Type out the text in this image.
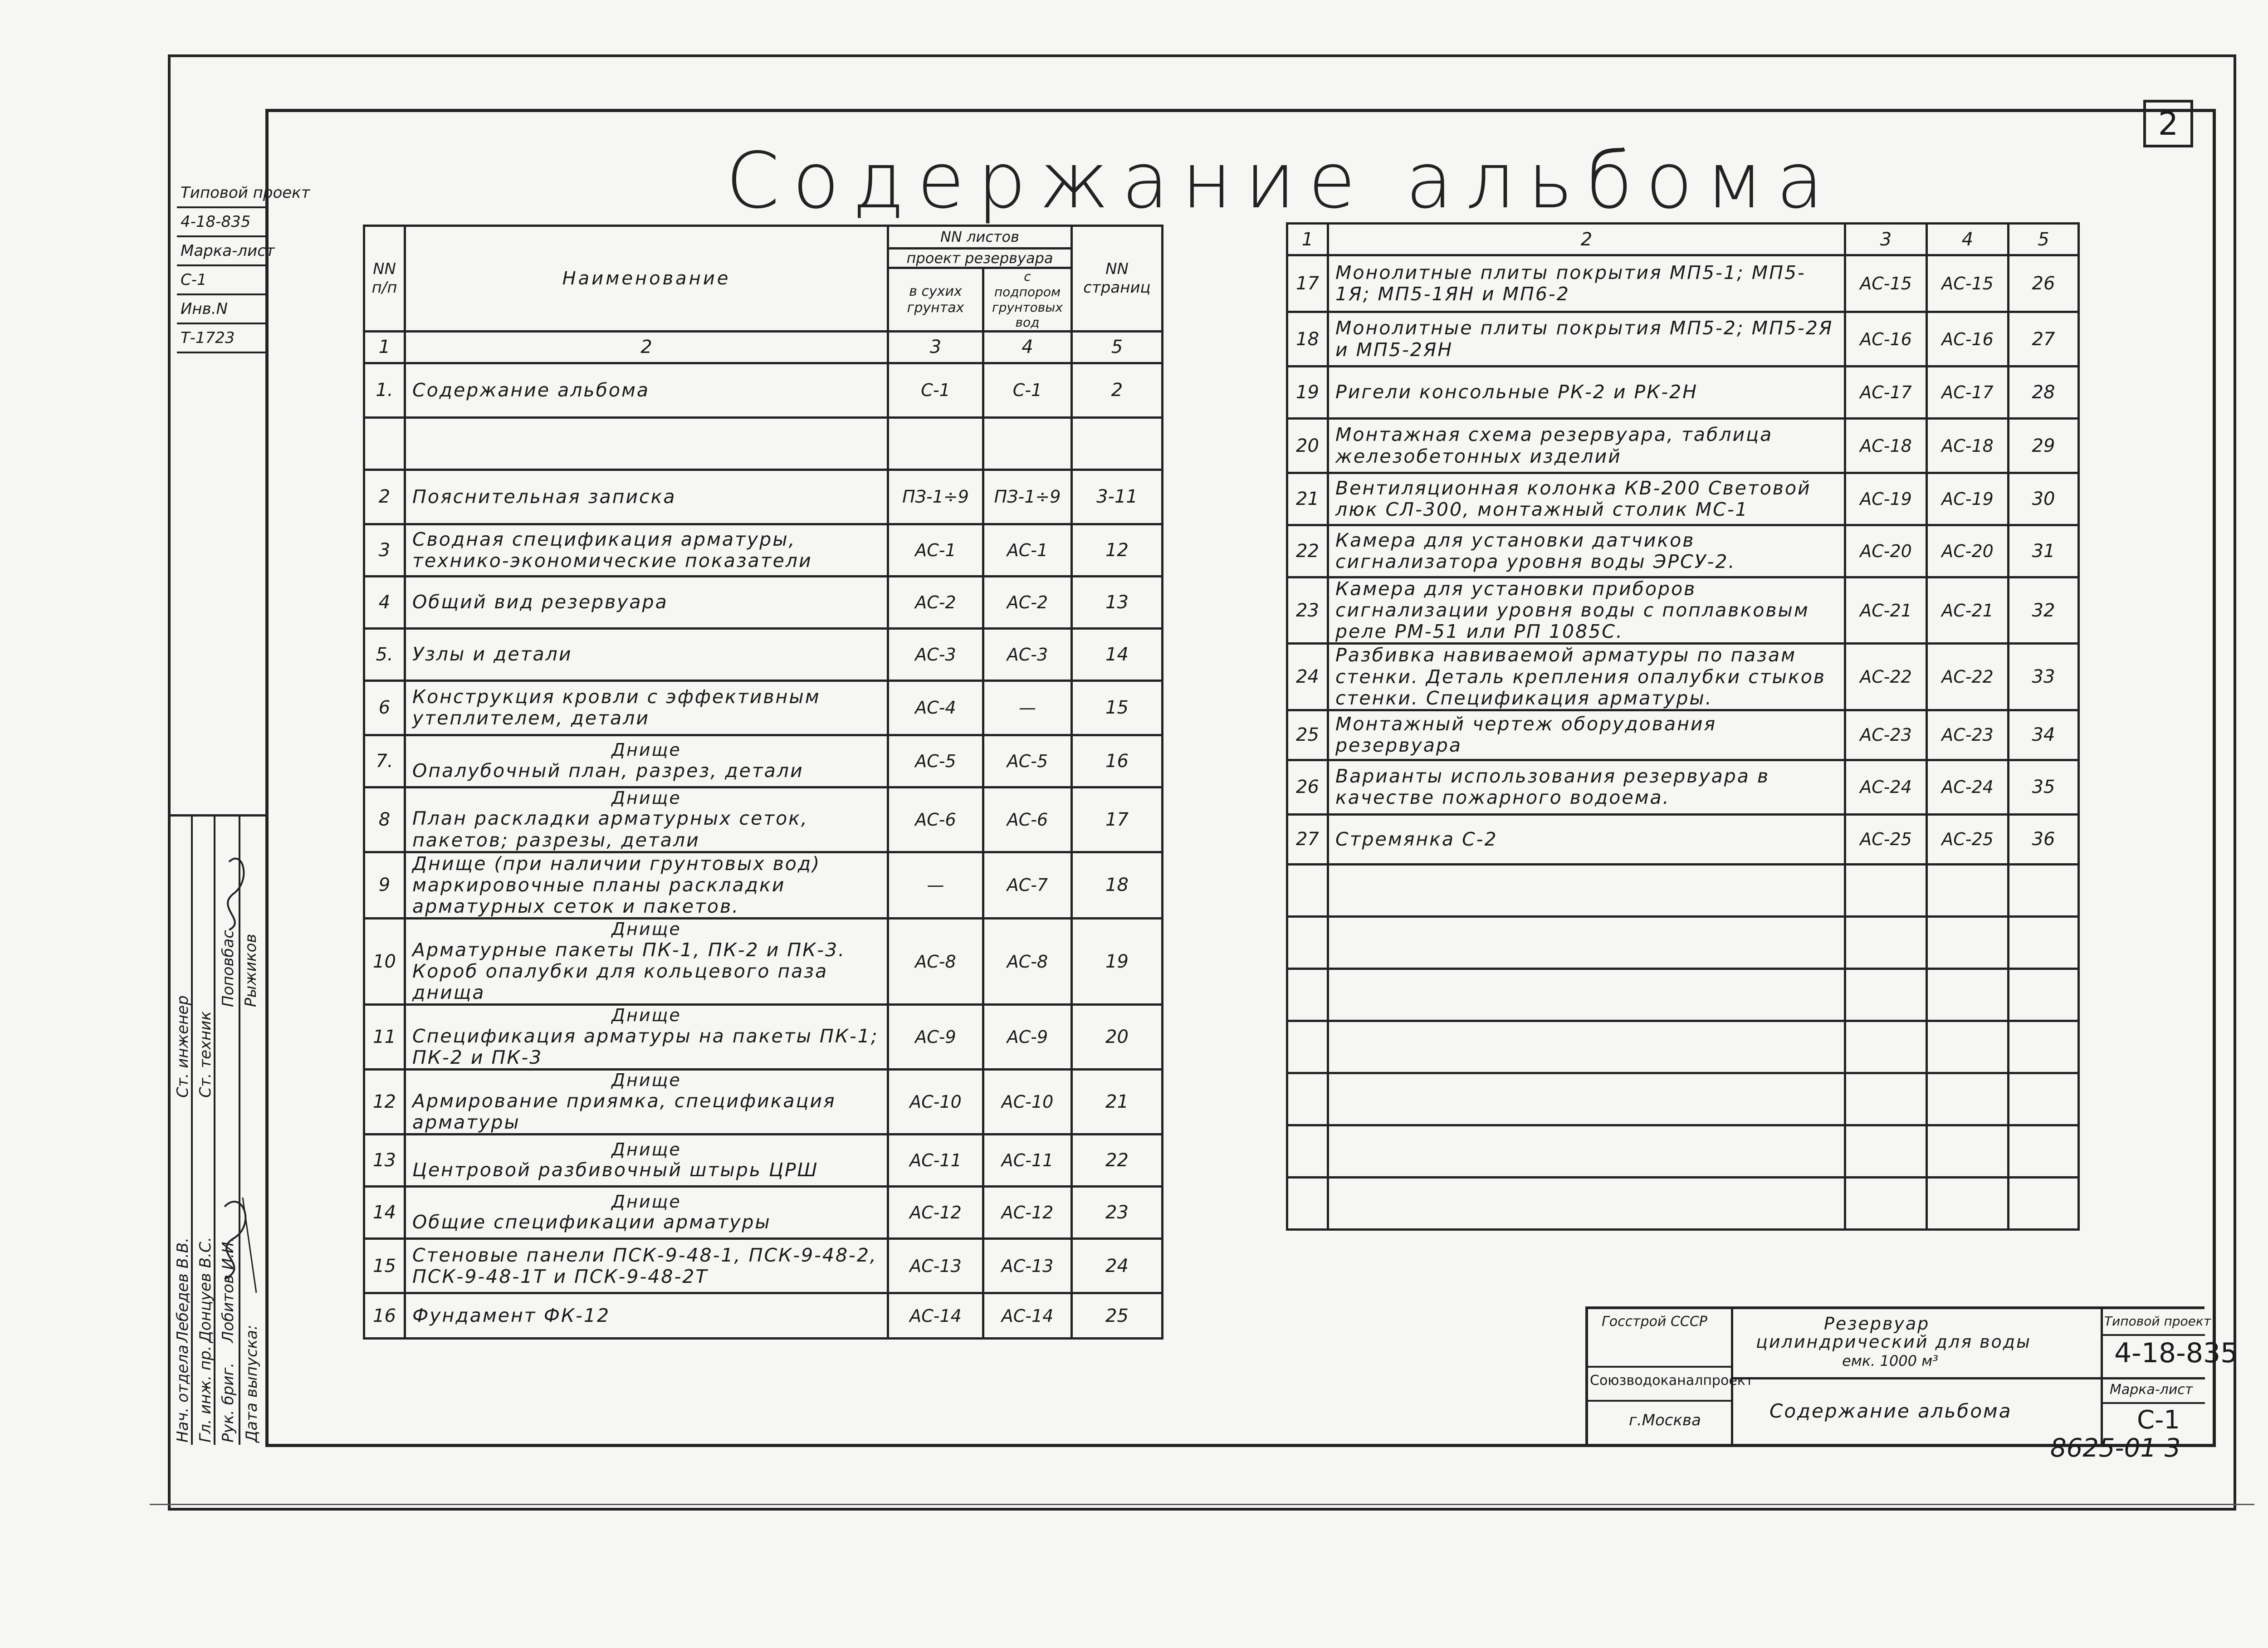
2
Содержание альбома
Типовой проект
4-18-835
Марка-лист
С-1
Инв.N
Т-1723
NN п/п	Наименование	NN листов		NN страниц
		проект резервуара		
		в сухих грунтах	с подпором грунтовых вод	
1	2	3	4	5
1.	Содержание альбома	С-1	С-1	2

2	Пояснительная записка	ПЗ-1÷9	ПЗ-1÷9	3-11
3	Сводная спецификация арматуры, технико-экономические показатели	АС-1	АС-1	12
4	Общий вид резервуара	АС-2	АС-2	13
5.	Узлы и детали	АС-3	АС-3	14
6	Конструкция кровли с эффективным утеплителем, детали	АС-4	—	15
7.	Днище
Опалубочный план, разрез, детали	АС-5	АС-5	16
8	Днище
План раскладки арматурных сеток, пакетов; разрезы, детали	АС-6	АС-6	17
9	Днище (при наличии грунтовых вод) маркировочные планы раскладки арматурных сеток и пакетов.	—	АС-7	18
10	Днище
Арматурные пакеты ПК-1, ПК-2 и ПК-3. Короб опалубки для кольцевого паза днища	АС-8	АС-8	19
11	Днище
Спецификация арматуры на пакеты ПК-1; ПК-2 и ПК-3	АС-9	АС-9	20
12	Днище
Армирование приямка, спецификация арматуры	АС-10	АС-10	21
13	Днище
Центровой разбивочный штырь ЦРШ	АС-11	АС-11	22
14	Днище
Общие спецификации арматуры	АС-12	АС-12	23
15	Стеновые панели ПСК-9-48-1, ПСК-9-48-2, ПСК-9-48-1Т и ПСК-9-48-2Т	АС-13	АС-13	24
16	Фундамент ФК-12	АС-14	АС-14	25
1	2	3	4	5
17	Монолитные плиты покрытия МП5-1; МП5-1Я; МП5-1ЯН и МП6-2	АС-15	АС-15	26
18	Монолитные плиты покрытия МП5-2; МП5-2Я и МП5-2ЯН	АС-16	АС-16	27
19	Ригели консольные РК-2 и РК-2Н	АС-17	АС-17	28
20	Монтажная схема резервуара, таблица железобетонных изделий	АС-18	АС-18	29
21	Вентиляционная колонка КВ-200 Световой люк СЛ-300, монтажный столик МС-1	АС-19	АС-19	30
22	Камера для установки датчиков сигнализатора уровня воды ЭРСУ-2.	АС-20	АС-20	31
23	Камера для установки приборов сигнализации уровня воды с поплавковым реле РМ-51 или РП 1085С.	АС-21	АС-21	32
24	Разбивка навиваемой арматуры по пазам стенки. Деталь крепления опалубки стыков стенки. Спецификация арматуры.	АС-22	АС-22	33
25	Монтажный чертеж оборудования резервуара	АС-23	АС-23	34
26	Варианты использования резервуара в качестве пожарного водоема.	АС-24	АС-24	35
27	Стремянка С-2	АС-25	АС-25	36

Нач. отдела Гл. инж. пр. Рук. бриг. Дата выпуска:
Лебедев В.В. Донцуев В.С. Лобитов И.И.
Ст. инженер Ст. техник
Поповбас Рыжиков
Госстрой СССР
Союзводоканалпроект
г.Москва
Резервуар
цилиндрический для воды
емк. 1000 м³
Содержание альбома
Типовой проект
4-18-835
Марка-лист
С-1
8625-01 3
